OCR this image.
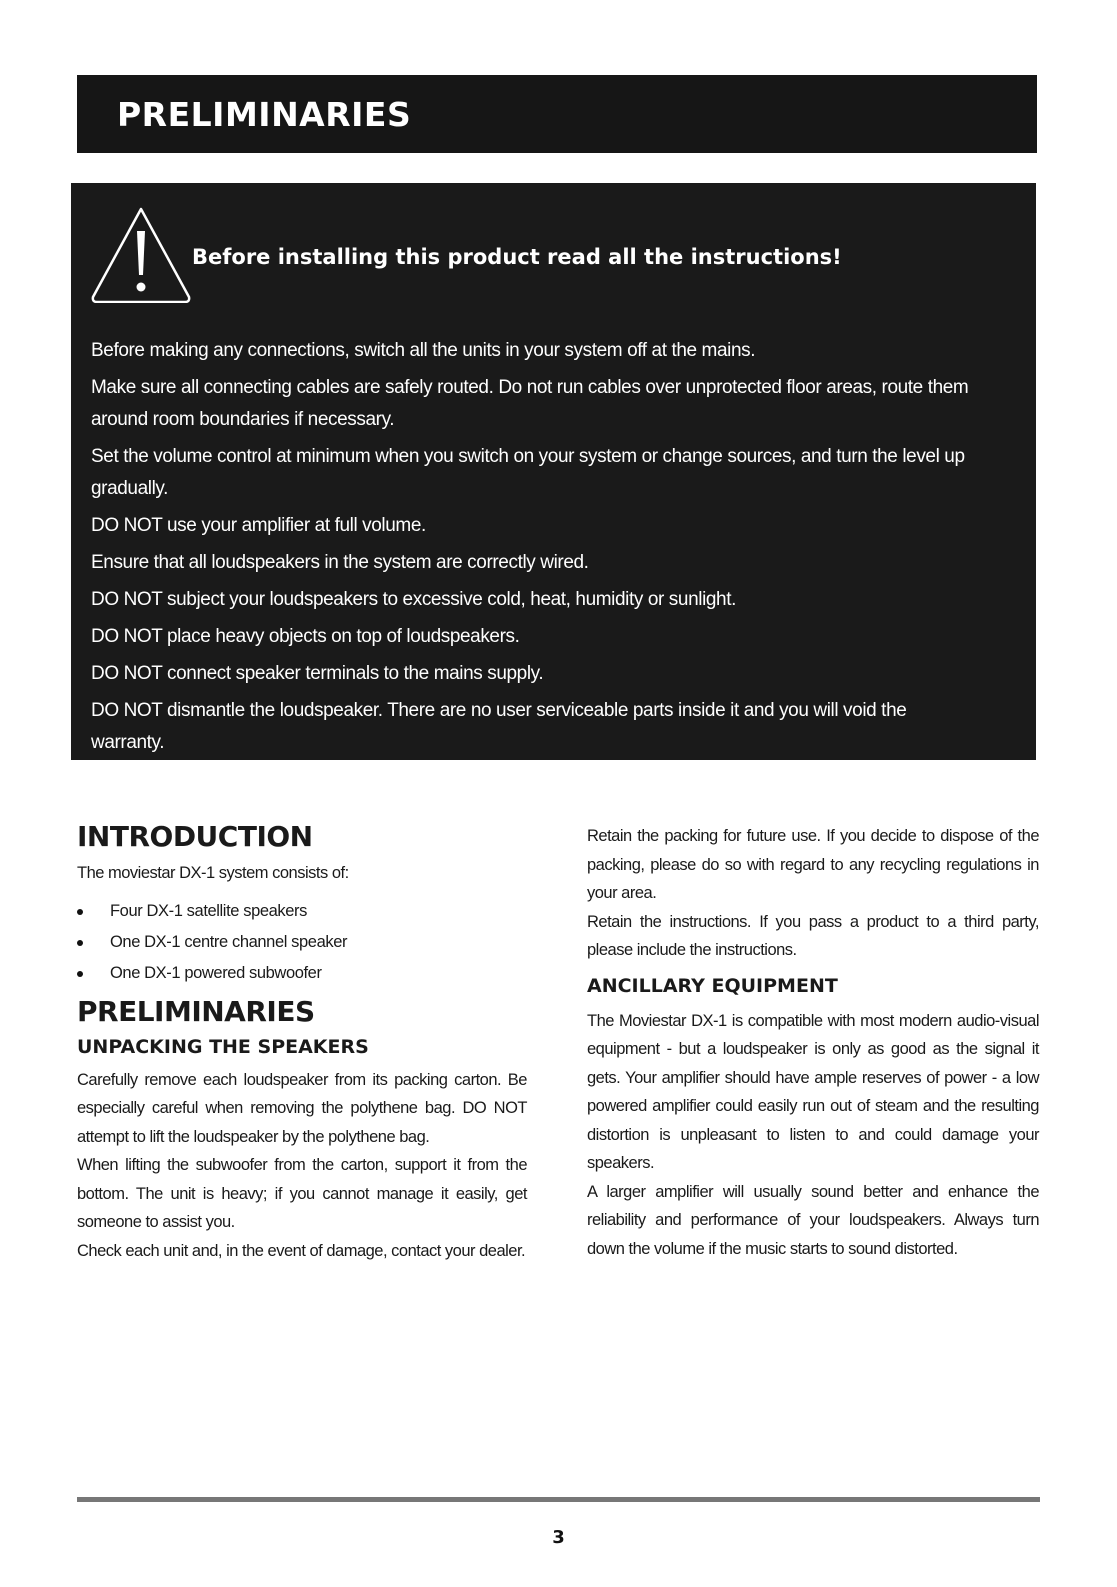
PRELIMINARIES
Before installing this product read all the instructions!
Before making any connections, switch all the units in your system off at the mains.
Make sure all connecting cables are safely routed. Do not run cables over unprotected floor areas, route them around room boundaries if necessary.
Set the volume control at minimum when you switch on your system or change sources, and turn the level up gradually.
DO NOT use your amplifier at full volume.
Ensure that all loudspeakers in the system are correctly wired.
DO NOT subject your loudspeakers to excessive cold, heat, humidity or sunlight.
DO NOT place heavy objects on top of loudspeakers.
DO NOT connect speaker terminals to the mains supply.
DO NOT dismantle the loudspeaker. There are no user serviceable parts inside it and you will void the warranty.
INTRODUCTION

The moviestar DX-1 system consists of:

Four DX-1 satellite speakers
One DX-1 centre channel speaker
One DX-1 powered subwoofer
PRELIMINARIES
UNPACKING THE SPEAKERS

Carefully remove each loudspeaker from its packing carton. Be especially careful when removing the polythene bag. DO NOT attempt to lift the loudspeaker by the polythene bag.

When lifting the subwoofer from the carton, support it from the bottom. The unit is heavy; if you cannot manage it easily, get someone to assist you.

Check each unit and, in the event of damage, contact your dealer.

Retain the packing for future use. If you decide to dispose of the packing, please do so with regard to any recycling regulations in your area.

Retain the instructions. If you pass a product to a third party, please include the instructions.

ANCILLARY EQUIPMENT

The Moviestar DX-1 is compatible with most modern audio-visual equipment - but a loudspeaker is only as good as the signal it gets. Your amplifier should have ample reserves of power - a low powered amplifier could easily run out of steam and the resulting distortion is unpleasant to listen to and could damage your speakers.

A larger amplifier will usually sound better and enhance the reliability and performance of your loudspeakers. Always turn down the volume if the music starts to sound distorted.

3
